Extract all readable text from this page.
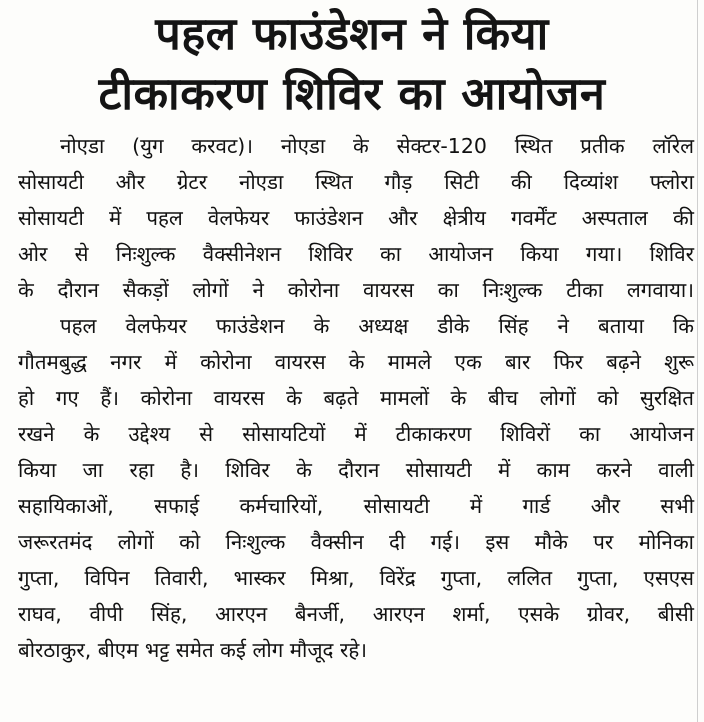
पहल फाउंडेशन ने किया
टीकाकरण शिविर का आयोजन
नोएडा (युग करवट)। नोएडा के सेक्टर-120 स्थित प्रतीक लॉरेल
सोसायटी और ग्रेटर नोएडा स्थित गौड़ सिटी की दिव्यांश फ्लोरा
सोसायटी में पहल वेलफेयर फाउंडेशन और क्षेत्रीय गवर्मेंट अस्पताल की
ओर से निःशुल्क वैक्सीनेशन शिविर का आयोजन किया गया। शिविर
के दौरान सैकड़ों लोगों ने कोरोना वायरस का निःशुल्क टीका लगवाया।
पहल वेलफेयर फाउंडेशन के अध्यक्ष डीके सिंह ने बताया कि
गौतमबुद्ध नगर में कोरोना वायरस के मामले एक बार फिर बढ़ने शुरू
हो गए हैं। कोरोना वायरस के बढ़ते मामलों के बीच लोगों को सुरक्षित
रखने के उद्देश्य से सोसायटियों में टीकाकरण शिविरों का आयोजन
किया जा रहा है। शिविर के दौरान सोसायटी में काम करने वाली
सहायिकाओं, सफाई कर्मचारियों, सोसायटी में गार्ड और सभी
जरूरतमंद लोगों को निःशुल्क वैक्सीन दी गई। इस मौके पर मोनिका
गुप्ता, विपिन तिवारी, भास्कर मिश्रा, विरेंद्र गुप्ता, ललित गुप्ता, एसएस
राघव, वीपी सिंह, आरएन बैनर्जी, आरएन शर्मा, एसके ग्रोवर, बीसी
बोरठाकुर, बीएम भट्ट समेत कई लोग मौजूद रहे।
